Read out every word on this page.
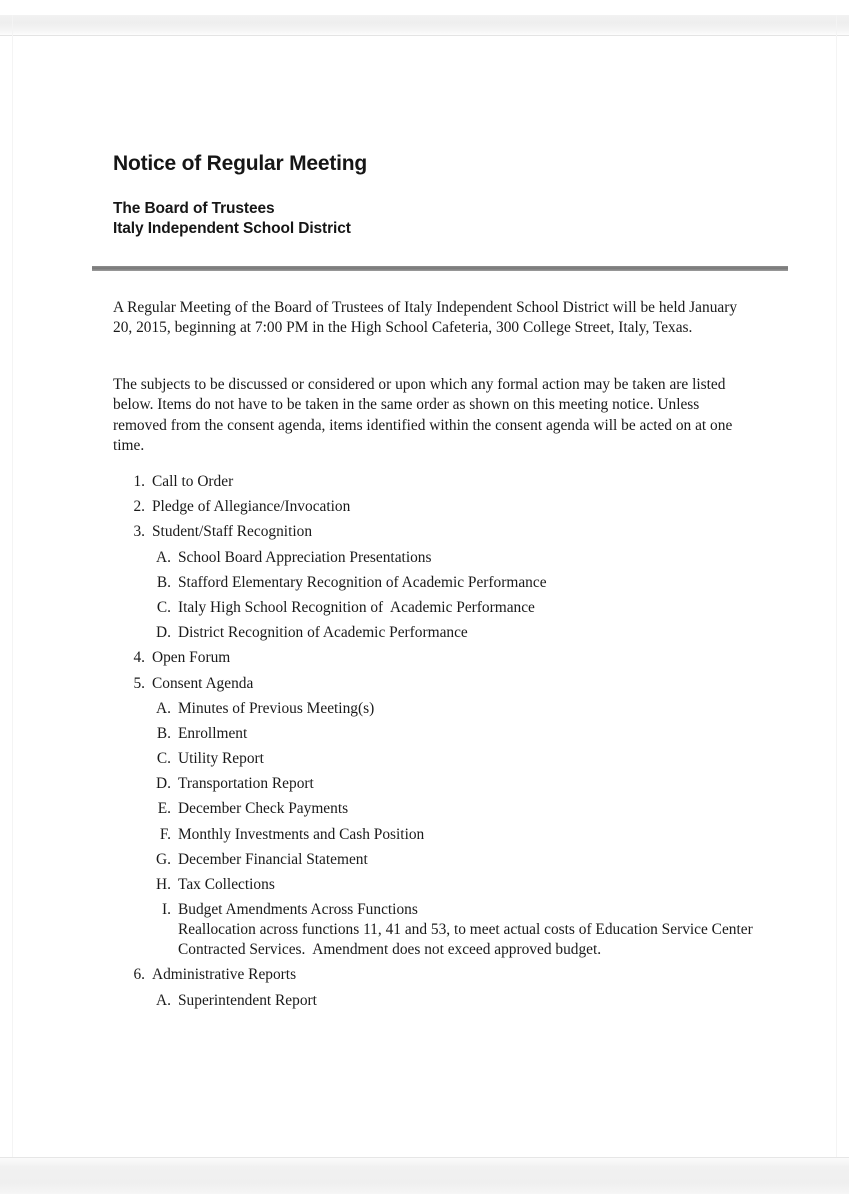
Notice of Regular Meeting
The Board of Trustees
Italy Independent School District
A Regular Meeting of the Board of Trustees of Italy Independent School District will be held January 20, 2015, beginning at 7:00 PM in the High School Cafeteria, 300 College Street, Italy, Texas.
The subjects to be discussed or considered or upon which any formal action may be taken are listed below. Items do not have to be taken in the same order as shown on this meeting notice. Unless removed from the consent agenda, items identified within the consent agenda will be acted on at one time.
1. Call to Order
2. Pledge of Allegiance/Invocation
3. Student/Staff Recognition
A. School Board Appreciation Presentations
B. Stafford Elementary Recognition of Academic Performance
C. Italy High School Recognition of  Academic Performance
D. District Recognition of Academic Performance
4. Open Forum
5. Consent Agenda
A. Minutes of Previous Meeting(s)
B. Enrollment
C. Utility Report
D. Transportation Report
E. December Check Payments
F. Monthly Investments and Cash Position
G. December Financial Statement
H. Tax Collections
I. Budget Amendments Across Functions
Reallocation across functions 11, 41 and 53, to meet actual costs of Education Service Center Contracted Services.  Amendment does not exceed approved budget.
6. Administrative Reports
A. Superintendent Report
